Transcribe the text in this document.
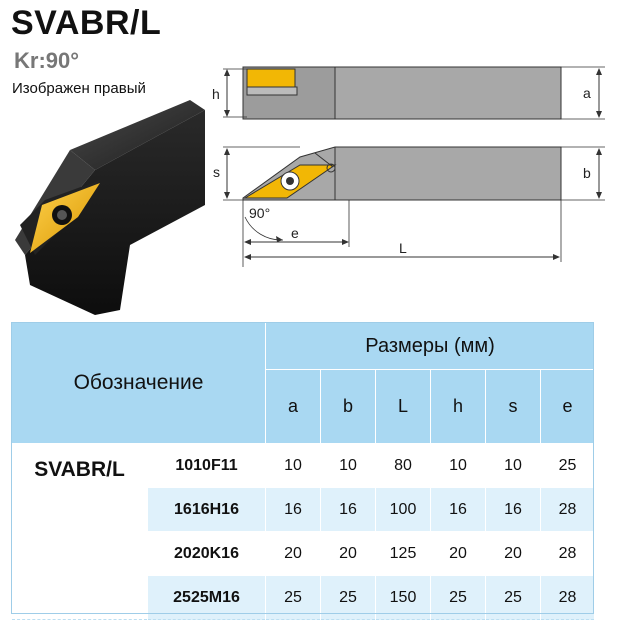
SVABR/L
Kr:90°
Изображен правый	h	a
s	b
90°
e
L
Обозначение		Размеры (мм)					
		a	b	L	h	s	e
SVABR/L	1010F11	10	10	80	10	10	25
	1616H16	16	16	100	16	16	28
	2020K16	20	20	125	20	20	28
	2525M16	25	25	150	25	25	28
